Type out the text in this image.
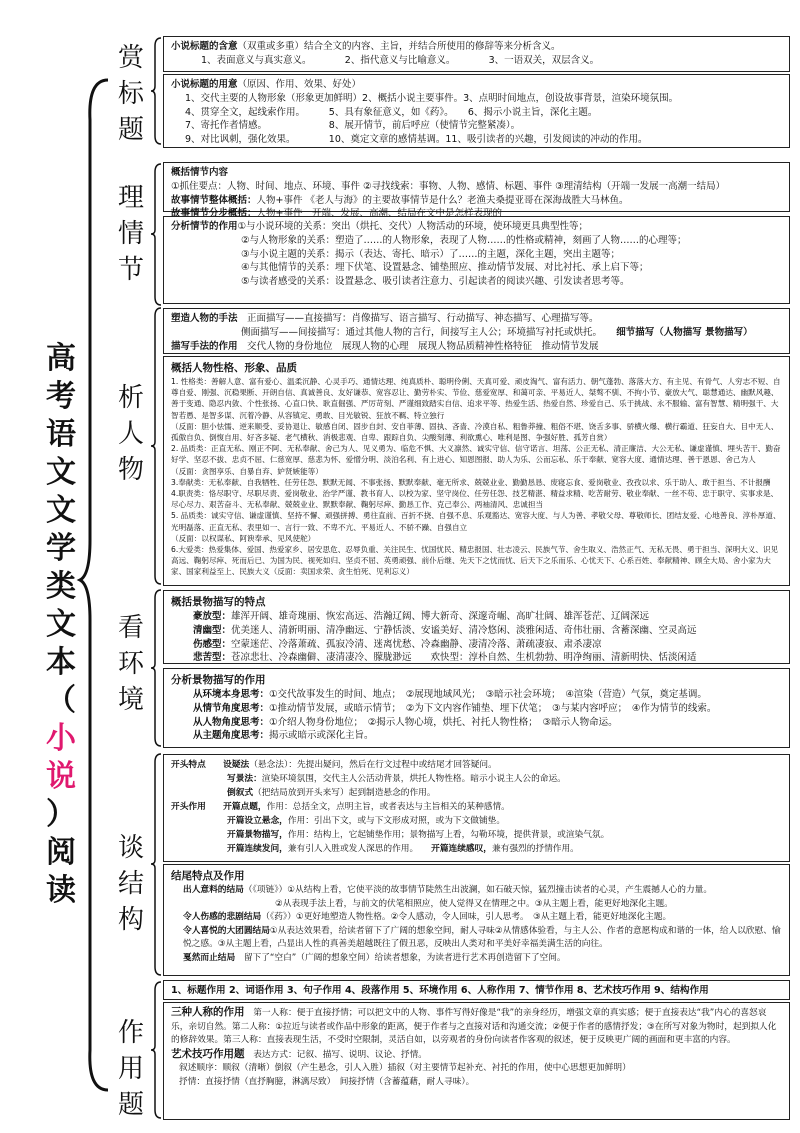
高
考
语
文
文
学
类
文
本
（
小
说
）
阅
读
赏
标
题
理
情
节
析
人
物
看
环
境
谈
结
构
作
用
题
小说标题的含意（双重或多重）结合全文的内容、主旨，并结合所使用的修辞等来分析含义。
1、表面意义与真实意义。　　　　2、指代意义与比喻意义。　　　　3、一语双关，双层含义。
小说标题的用意（原因、作用、效果、好处）
1、交代主要的人物形象（形象更加鲜明）2、概括小说主要事件。3、点明时间地点，创设故事背景，渲染环境氛围。
4、贯穿全文，起线索作用。　　　5、具有象征意义，如《药》。　　6、揭示小说主旨，深化主题。
7、寄托作者情感。　　　　　　　8、展开情节，前后呼应（使情节完整紧凑）。
9、对比讽刺，强化效果。　　　　10、奠定文章的感情基调。11、吸引读者的兴趣，引发阅读的冲动的作用。
概括情节内容 ①抓住要点：人物、时间、地点、环境、事件 ②寻找线索：事物、人物、感情、标题、事件 ③理清结构（开端一发展一高潮一结局）
故事情节整体概括：人物+事件 《老人与海》的主要故事情节是什么？老渔夫桑提亚哥在深海战胜大马林鱼。
故事情节分步概括：人物+事件　开端、发展、高潮、结局在文中是怎样表现的
分析情节的作用①与小说环境的关系：突出（烘托、交代）人物活动的环境，使环境更具典型性等；
②与人物形象的关系：塑造了……的人物形象，表现了人物……的性格或精神，刻画了人物……的心理等；
③与小说主题的关系：揭示（表达、寄托、暗示）了……的主题，深化主题，突出主题等；
④与其他情节的关系：埋下伏笔、设置悬念、铺垫照应、推动情节发展、对比衬托、承上启下等；
⑤与读者感受的关系：设置悬念、吸引读者注意力、引起读者的阅读兴趣、引发读者思考等。
塑造人物的手法　 正面描写——直接描写：肖像描写、语言描写、行动描写、神态描写、心理描写等。
侧面描写——间接描写：通过其他人物的言行，间接写主人公；环境描写衬托或烘托。　　 细节描写（人物描写 景物描写）
描写手法的作用　 交代人物的身份地位　展现人物的心理　展现人物品质精神性格特征　推动情节发展
概括人物性格、形象、品质
1. 性格类：善解人意、富有爱心、温柔沉静、心灵手巧、通情达理、纯真质朴、聪明伶俐、天真可爱、顽皮淘气、富有活力、朝气蓬勃、落落大方、有主见、有骨气、人穷志不短、自尊自爱、刚强、沉稳果断、开朗自信、真诚善良、友好谦恭、宽容忍让、勤劳朴实、节俭、慈爱宽厚、和蔼可亲、平易近人、桀骜不驯、不拘小节、豪放大气、聪慧通达、幽默风趣、善于变通、隐忍内敛、个性张扬、心直口快、耿直倔强、严厉苛刻、严谨细致踏实自信、追求平等、热爱生活、热爱自然、珍爱自己、乐于挑战、永不服输、富有智慧、精明强干、大智若愚、是智多谋、沉着冷静、从容镇定、勇敢、目光敏锐、狂放不羁、特立独行
（反面：胆小怯懦、逆来顺受、妥协退让、敏感自闭、固步自封、安自菲薄、固执、吝啬、冷漠自私、粗鲁莽撞、粗俗不堪、饶舌多事、骄横火爆、横行霸道、狂妄自大、目中无人、孤傲自负、倒愎自用、好吝多疑、老气横秋、消极悲观、自卑、跟踪自负、尖酸刻薄、利欲熏心、唯利是图、争强好胜、孤芳自赏）
2. 品质类：正直无私、刚正不阿、无私奉献、舍己为人、见义勇为、临危不惧、大义凛然、诚实守信、信守诺言、坦荡、公正无私、清正廉洁、大公无私、谦虚谨慎、埋头苦干、勤奋好学、坚忍不拔、忠贞不屈、仁慈宽厚、慈悲为怀、爱憎分明、淡泊名利、有上进心、知恩图报、助人为乐、公而忘私、乐于奉献、宽容大度、通情达理、善于恩恩、舍己为人
（反面：贪图享乐、自暴自弃、妒贤嫉能等）
3.奉献类：无私奉献、自我牺牲、任劳任怨、默默无闻、不事张扬、默默奉献、毫无所求、兢兢业业、勤勤恳恳、废寝忘食、爱岗敬业、孜孜以求、乐于助人、敢于担当、不计报酬
4.职责类：恪尽职守、尽职尽责、爱岗敬业、治学严谨、教书育人、以校为家、坚守岗位、任劳任怨、技艺精湛、精益求精、吃苦耐劳、敬业奉献、一丝不苟、忠于职守、实事求是、尽心尽力、艰苦奋斗、无私奉献、兢兢业业、默默奉献、鞠躬尽瘁、勤恳工作、克己奉公、两袖清风、忠诚担当
5. 品质类：诚实守信、谦虚谨慎、坚持不懈、顽强拼搏、勇往直前、百折不挠、自强不息、乐观豁达、宽容大度、与人为善、孝敬父母、尊敬师长、团结友爱、心地善良、淳朴厚道、光明磊落、正直无私、表里如一、言行一致、不卑不亢、平易近人、不骄不躁、自强自立
（反面：以权谋私、阿谀奉承、见风使舵）
6.大爱类：热爱集体、爱国、热爱家乡、居安思危、忍辱负重、关注民生、忧国忧民、精忠报国、壮志凌云、民族气节、舍生取义、浩然正气、无私无畏、勇于担当、深明大义、识见高远、鞠躬尽瘁、死而后已、为国为民、视死如归、坚贞不屈、英勇顽强、前仆后继、先天下之忧而忧、后天下之乐而乐、心忧天下、心系百姓、奉献精神、顾全大局、舍小家为大家、国家利益至上、民族大义（反面：卖国求荣、贪生怕死、见利忘义）
概括景物描写的特点
豪放型：雄浑开阔、雄奇瑰丽、恢宏高远、浩瀚辽阔、博大新奇、深邃奇崛、高旷壮阔、雄浑苍茫、辽阔深远
清幽型：优美迷人、清新明丽、清净幽远、宁静恬淡、安谧美好、清冷悠闲、淡雅闲适、奇伟壮丽、含蓄深幽、空灵高远
伤感型：空蒙迷茫、冷落萧疏、孤寂冷清、迷离忧愁、冷森幽静、凄清冷落、萧疏凄寂、肃杀凄凉
悲苦型：苍凉悲壮、冷森幽僻、凄清凄冷、朦胧渺远　　欢快型：淳朴自然、生机勃勃、明净绚丽、清新明快、恬淡闲适
分析景物描写的作用
从环境本身思考：①交代故事发生的时间、地点；　②展现地域风光；　③暗示社会环境；　④渲染（营造）气氛，奠定基调。
从情节角度思考：①推动情节发展，或暗示情节；　②为下文内容作铺垫、埋下伏笔；　③与某内容呼应；　④作为情节的线索。
从人物角度思考：①介绍人物身份地位；　②揭示人物心境，烘托、衬托人物性格；　③暗示人物命运。
从主题角度思考：揭示或暗示或深化主旨。
开头特点　　 设疑法（悬念法）：先提出疑问，然后在行文过程中或结尾才回答疑问。
写景法：渲染环境氛围，交代主人公活动背景，烘托人物性格。暗示小说主人公的命运。
倒叙式（把结局放到开头来写）起到制造悬念的作用。
开头作用　　 开篇点题，作用：总括全文，点明主旨，或者表达与主旨相关的某种感情。
开篇设立悬念，作用：引出下文，或与下文形成对照，或为下文做铺垫。
开篇景物描写，作用：结构上，它起铺垫作用；景物描写上看，勾勒环境，提供背景，或渲染气氛。
开篇连续发问，兼有引人入胜或发人深思的作用。　　 开篇连续感叹，兼有强烈的抒情作用。
结尾特点及作用
出人意料的结局（《项链》）①从结构上看，它使平淡的故事情节陡然生出波澜，如石破天惊，猛烈撞击读者的心灵，产生震撼人心的力量。
②从表现手法上看，与前文的伏笔相照应，使人觉得又在情理之中。③从主题上看，能更好地深化主题。
令人伤感的悲剧结局（《药》）①更好地塑造人物性格。②令人感动，令人回味，引人思考。　③从主题上看，能更好地深化主题。
令人喜悦的大团圆结局①从表达效果看，给读者留下了广阔的想象空间，耐人寻味②从情感体验看，与主人公、作者的意愿构成和谐的一体，给人以欣慰、愉悦之感。③从主题上看，凸显出人性的真善美超越既往了假丑恶，反映出人类对和平美好幸福美满生活的向往。
戛然而止结局　 留下了“空白”（广阔的想象空间）给读者想象，为读者进行艺术再创造留下了空间。
1、标题作用 2、词语作用 3、句子作用 4、段落作用 5、环境作用 6、人称作用 7、情节作用 8、艺术技巧作用 9、结构作用
三种人称的作用　 第一人称：便于直接抒情；可以把文中的人物、事件写得好像是“我”的亲身经历，增强文章的真实感；便于直接表达“我”内心的喜怒哀乐，亲切自然。第二人称：①拉近与读者或作品中形象的距离，便于作者与之直接对话和沟通交流；②便于作者的感情抒发；③在所写对象为物时，起到拟人化的修辞效果。第三人称：直接表现生活，不受时空限制，灵活自如，以旁观者的身份向读者作客观的叙述，便于反映更广阔的画面和更丰富的内容。
艺术技巧作用题　 表达方式：记叙、描写、说明、议论、抒情。
叙述顺序：顺叙（清晰）倒叙（产生悬念，引人入胜）插叙（对主要情节起补充、衬托的作用，使中心思想更加鲜明）
抒情：直接抒情（直抒胸臆，淋漓尽致）　间接抒情（含蓄蕴藉，耐人寻味）。
